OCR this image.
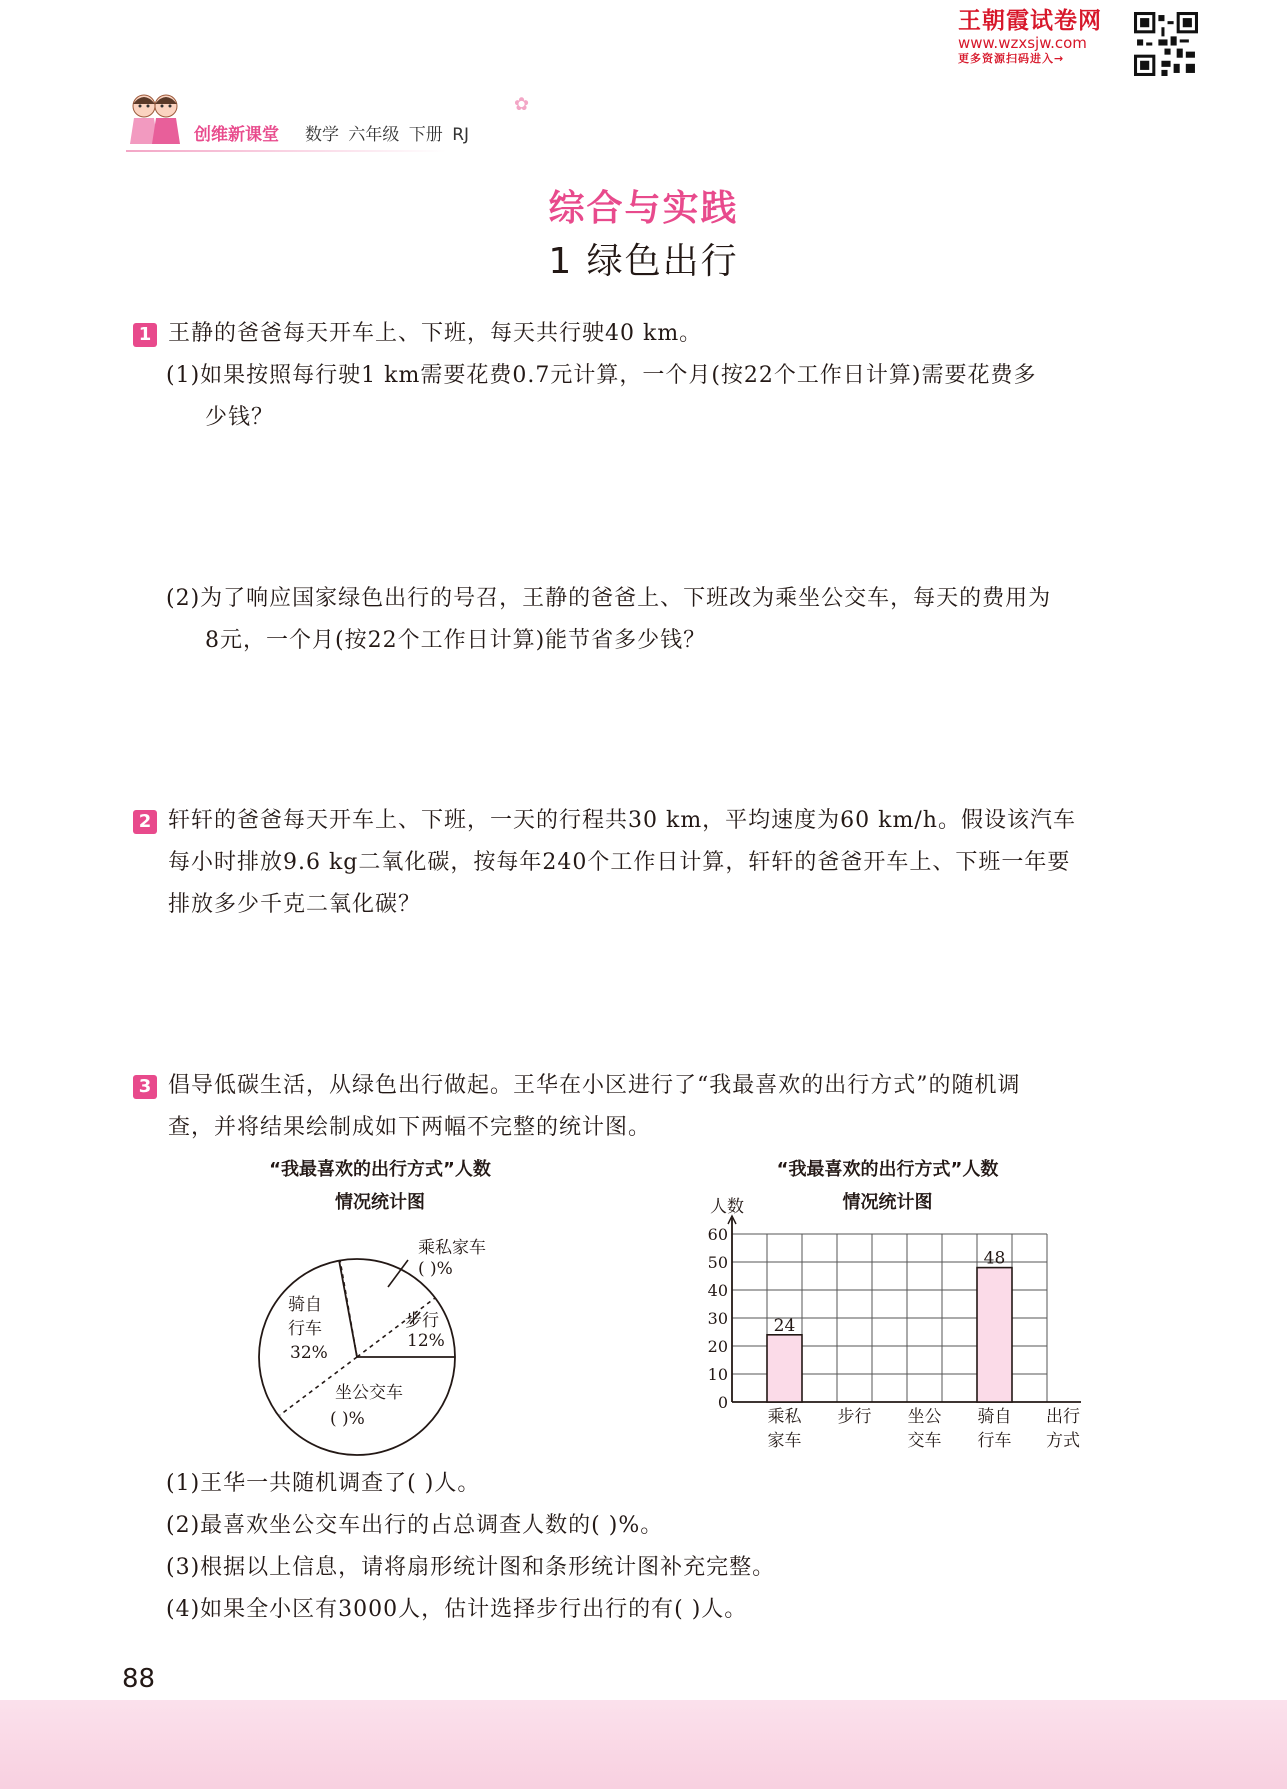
王朝霞试卷网
www.wzxsjw.com
更多资源扫码进入→
创维新课堂 数学 六年级 下册 RJ
✿
综合与实践
1 绿色出行
1 王静的爸爸每天开车上、下班，每天共行驶40 km。
(1)如果按照每行驶1 km需要花费0.7元计算，一个月(按22个工作日计算)需要花费多
少钱？
(2)为了响应国家绿色出行的号召，王静的爸爸上、下班改为乘坐公交车，每天的费用为
8元，一个月(按22个工作日计算)能节省多少钱？
2 轩轩的爸爸每天开车上、下班，一天的行程共30 km，平均速度为60 km/h。假设该汽车
每小时排放9.6 kg二氧化碳，按每年240个工作日计算，轩轩的爸爸开车上、下班一年要
排放多少千克二氧化碳？
3 倡导低碳生活，从绿色出行做起。王华在小区进行了“我最喜欢的出行方式”的随机调
查，并将结果绘制成如下两幅不完整的统计图。
“我最喜欢的出行方式”人数
情况统计图
乘私家车
( )%
步行
12%
坐公交车
( )%
骑自
行车
32%
“我最喜欢的出行方式”人数
情况统计图
人数
24
48
0
10
20
30
40
50
60
乘私
家车
步行 坐公
交车
骑自
行车
出行
方式
(1)王华一共随机调查了( )人。
(2)最喜欢坐公交车出行的占总调查人数的( )%。
(3)根据以上信息，请将扇形统计图和条形统计图补充完整。
(4)如果全小区有3000人，估计选择步行出行的有( )人。
88
